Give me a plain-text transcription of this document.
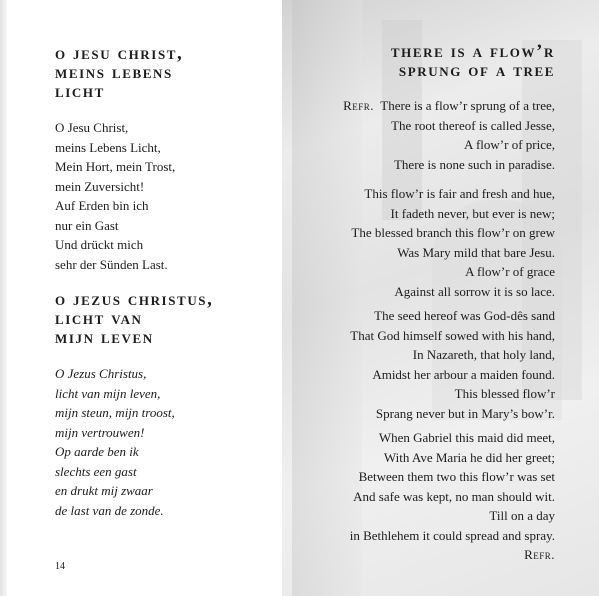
o jesu christ,
meins lebens
licht
O Jesu Christ,
meins Lebens Licht,
Mein Hort, mein Trost,
mein Zuversicht!
Auf Erden bin ich
nur ein Gast
Und drückt mich
sehr der Sünden Last.
o jezus christus,
licht van
mijn leven
O Jezus Christus,
licht van mijn leven,
mijn steun, mijn troost,
mijn vertrouwen!
Op aarde ben ik
slechts een gast
en drukt mij zwaar
de last van de zonde.
14
there is a flow’r
sprung of a tree
Refr. There is a flow’r sprung of a tree,
The root thereof is called Jesse,
A flow’r of price,
There is none such in paradise.
This flow’r is fair and fresh and hue,
It fadeth never, but ever is new;
The blessed branch this flow’r on grew
Was Mary mild that bare Jesu.
A flow’r of grace
Against all sorrow it is so lace.
The seed hereof was God-dês sand
That God himself sowed with his hand,
In Nazareth, that holy land,
Amidst her arbour a maiden found.
This blessed flow’r
Sprang never but in Mary’s bow’r.
When Gabriel this maid did meet,
With Ave Maria he did her greet;
Between them two this flow’r was set
And safe was kept, no man should wit.
Till on a day
in Bethlehem it could spread and spray.
Refr.
